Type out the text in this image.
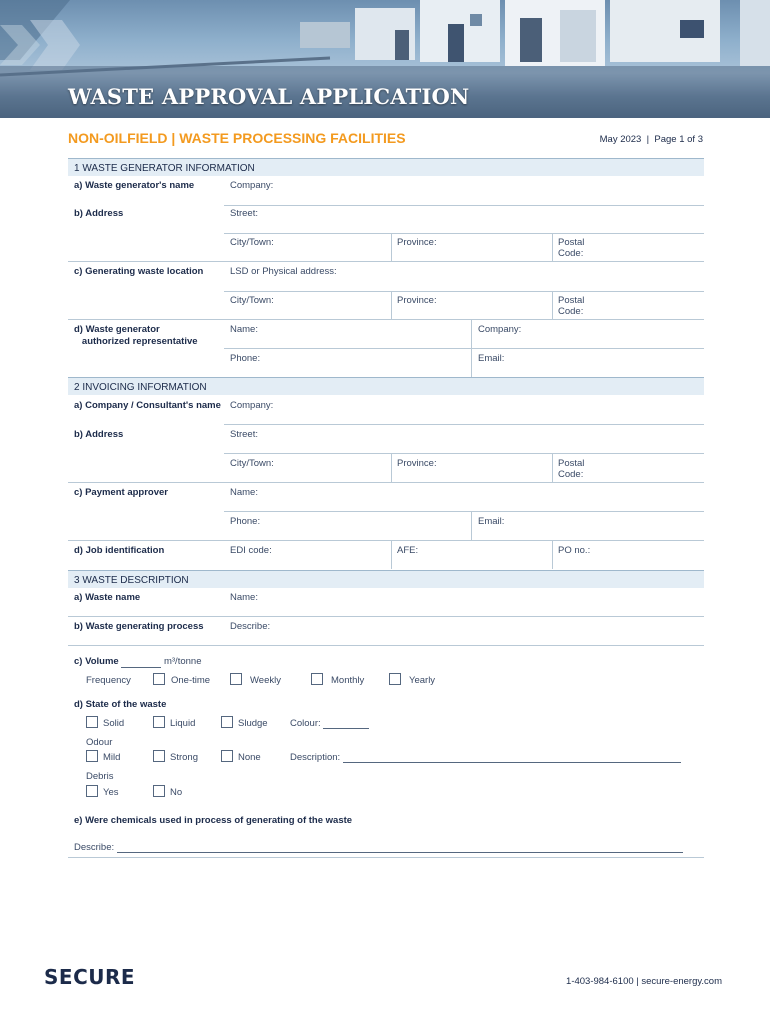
WASTE APPROVAL APPLICATION
NON-OILFIELD | WASTE PROCESSING FACILITIES	May 2023  |  Page 1 of 3
1 WASTE GENERATOR INFORMATION
a) Waste generator's name	Company:
b) Address	Street:
City/Town:	Province:	Postal
Code:
c) Generating waste location	LSD or Physical address:
City/Town:	Province:	Postal
Code:
d) Waste generator
authorized representative
Name:	Company:
Phone:	Email:
2 INVOICING INFORMATION
a) Company / Consultant's name Company:
b) Address	Street:
City/Town:	Province:	Postal
Code:
c) Payment approver	Name:
Phone:	Email:
d) Job identification	EDI code:	AFE:	PO no.:
3 WASTE DESCRIPTION
a) Waste name	Name:
b) Waste generating process	Describe:
c) Volume	m³/tonne
Frequency	One-time	Weekly	Monthly	Yearly
d) State of the waste
Solid	Liquid	Sludge Colour:
Odour
Mild	Strong	None	Description:
Debris
Yes	No
e) Were chemicals used in process of generating of the waste
Describe:
SECURE	1-403-984-6100 | secure-energy.com
